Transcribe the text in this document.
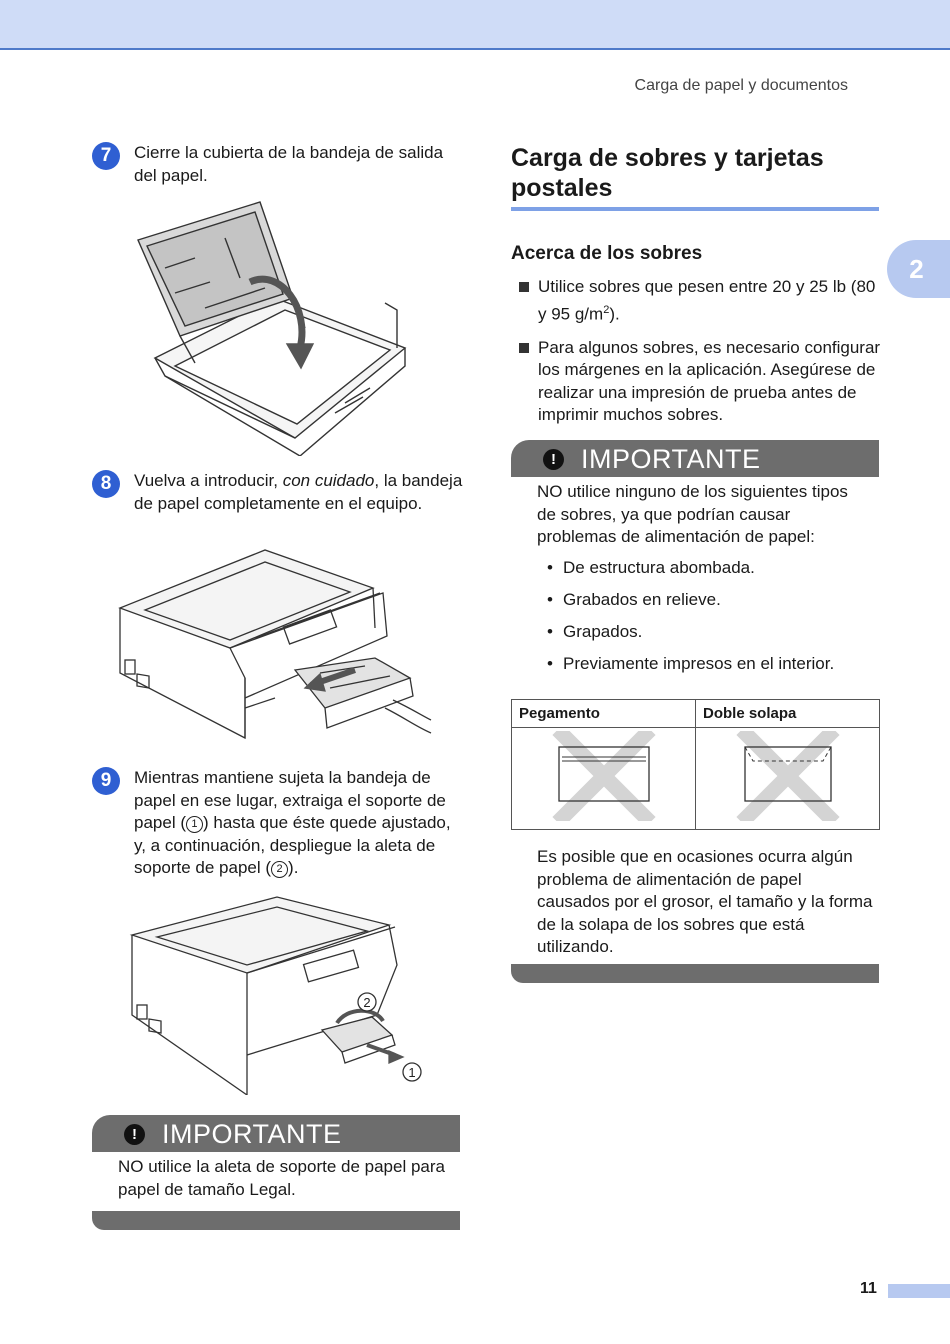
Carga de papel y documentos
2
7	Cierre la cubierta de la bandeja de salida del papel.
8	Vuelva a introducir, con cuidado, la bandeja de papel completamente en el equipo.
9	Mientras mantiene sujeta la bandeja de papel en ese lugar, extraiga el soporte de papel ( 1 ) hasta que éste quede ajustado, y, a continuación, despliegue la aleta de soporte de papel ( 2 ).
2
1
! IMPORTANTE
NO utilice la aleta de soporte de papel para papel de tamaño Legal.
Carga de sobres y tarjetas postales
Acerca de los sobres
Utilice sobres que pesen entre 20 y 25 lb (80 y 95 $g/m^2$).
Para algunos sobres, es necesario configurar los márgenes en la aplicación. Asegúrese de realizar una impresión de prueba antes de imprimir muchos sobres.
! IMPORTANTE
NO utilice ninguno de los siguientes tipos de sobres, ya que podrían causar problemas de alimentación de papel:
• De estructura abombada.
• Grabados en relieve.
• Grapados.
• Previamente impresos en el interior.
Pegamento	Doble solapa

Es posible que en ocasiones ocurra algún problema de alimentación de papel causados por el grosor, el tamaño y la forma de la solapa de los sobres que está utilizando.
11
